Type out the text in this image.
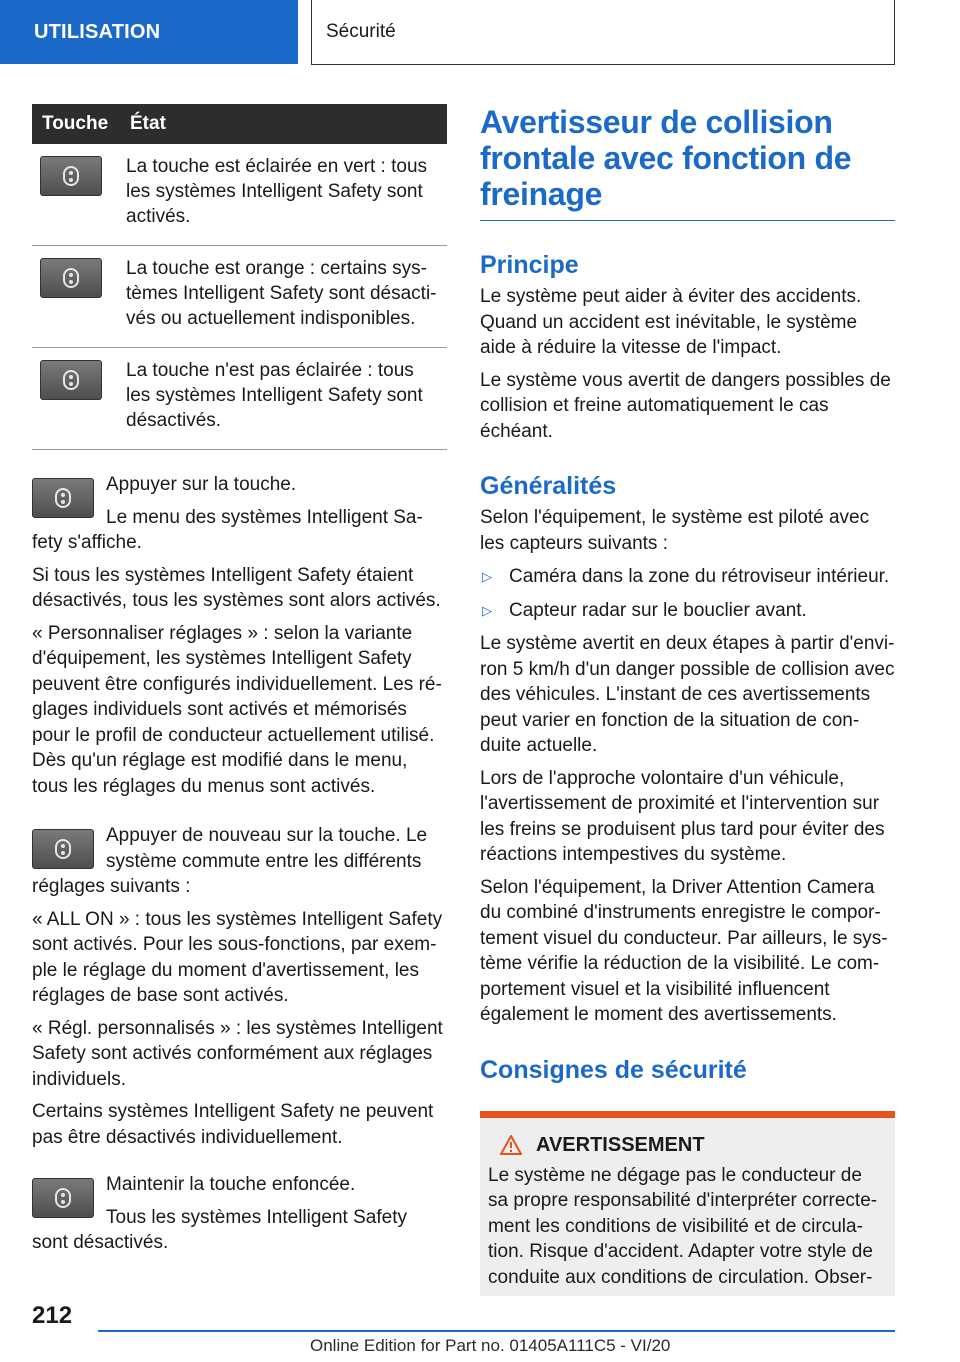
UTILISATION	Sécurité
Touche	État

	La touche est éclairée en vert : tous les systèmes Intelligent Safety sont activés.

	La touche est orange : certains sys-tèmes Intelligent Safety sont désacti-vés ou actuellement indisponibles.

	La touche n'est pas éclairée : tous les systèmes Intelligent Safety sont désactivés.
Appuyer sur la touche.
Le menu des systèmes Intelligent Sa-fety s'affiche.
Si tous les systèmes Intelligent Safety étaient désactivés, tous les systèmes sont alors activés.
« Personnaliser réglages » : selon la variante d'équipement, les systèmes Intelligent Safety peuvent être configurés individuellement. Les ré-glages individuels sont activés et mémorisés pour le profil de conducteur actuellement utilisé. Dès qu'un réglage est modifié dans le menu, tous les réglages du menus sont activés.
Appuyer de nouveau sur la touche. Le système commute entre les différents réglages suivants :
« ALL ON » : tous les systèmes Intelligent Safety sont activés. Pour les sous-fonctions, par exem-ple le réglage du moment d'avertissement, les réglages de base sont activés.
« Régl. personnalisés » : les systèmes Intelligent Safety sont activés conformément aux réglages individuels.
Certains systèmes Intelligent Safety ne peuvent pas être désactivés individuellement.
Maintenir la touche enfoncée.
Tous les systèmes Intelligent Safety sont désactivés.
Avertisseur de collision frontale avec fonction de freinage
Principe
Le système peut aider à éviter des accidents. Quand un accident est inévitable, le système aide à réduire la vitesse de l'impact.
Le système vous avertit de dangers possibles de collision et freine automatiquement le cas échéant.
Généralités
Selon l'équipement, le système est piloté avec les capteurs suivants :
▷ Caméra dans la zone du rétroviseur intérieur.
▷ Capteur radar sur le bouclier avant.
Le système avertit en deux étapes à partir d'envi-ron 5 km/h d'un danger possible de collision avec des véhicules. L'instant de ces avertissements peut varier en fonction de la situation de con-duite actuelle.
Lors de l'approche volontaire d'un véhicule, l'avertissement de proximité et l'intervention sur les freins se produisent plus tard pour éviter des réactions intempestives du système.
Selon l'équipement, la Driver Attention Camera du combiné d'instruments enregistre le compor-tement visuel du conducteur. Par ailleurs, le sys-tème vérifie la réduction de la visibilité. Le com-portement visuel et la visibilité influencent également le moment des avertissements.
Consignes de sécurité
AVERTISSEMENT
Le système ne dégage pas le conducteur de sa propre responsabilité d'interpréter correcte-ment les conditions de visibilité et de circula-tion. Risque d'accident. Adapter votre style de conduite aux conditions de circulation. Obser-
212
Online Edition for Part no. 01405A111C5 - VI/20
